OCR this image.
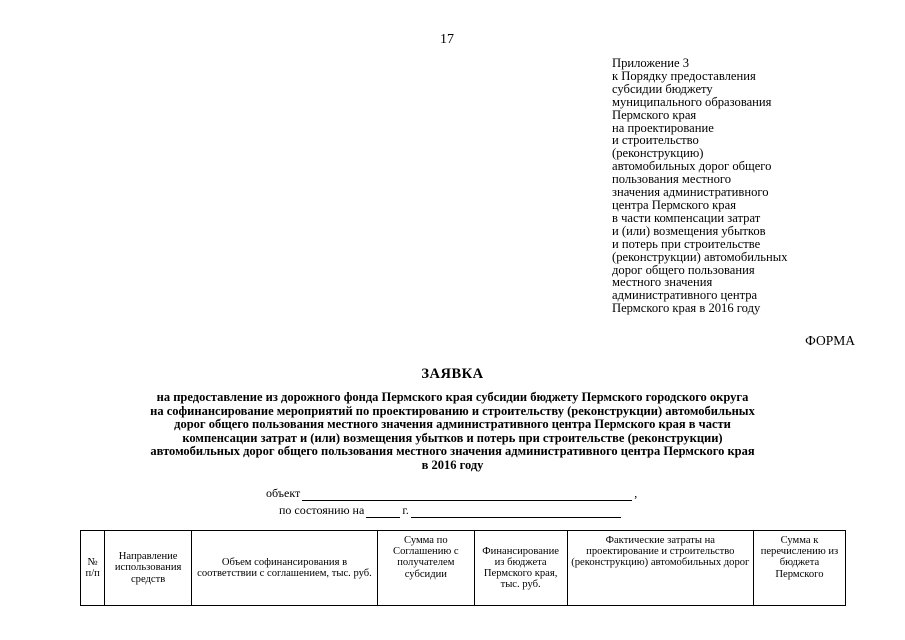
17
Приложение 3
к Порядку предоставления
субсидии бюджету
муниципального образования
Пермского края
на проектирование
и строительство
(реконструкцию)
автомобильных дорог общего
пользования местного
значения административного
центра Пермского края
в части компенсации затрат
и (или) возмещения убытков
и потерь при строительстве
(реконструкции) автомобильных
дорог общего пользования
местного значения
административного центра
Пермского края в 2016 году
ФОРМА
ЗАЯВКА
на предоставление из дорожного фонда Пермского края субсидии бюджету Пермского городского округа
на софинансирование мероприятий по проектированию и строительству (реконструкции) автомобильных
дорог общего пользования местного значения административного центра Пермского края в части
компенсации затрат и (или) возмещения убытков и потерь при строительстве (реконструкции)
автомобильных дорог общего пользования местного значения административного центра Пермского края
в 2016 году
объект	,
по состоянию на	г.
№ п/п	Направление использования средств	Объем софинансирования в соответствии с соглашением, тыс. руб.	Сумма по Соглашению с получателем субсидии	Финансирование из бюджета Пермского края, тыс. руб.	Фактические затраты на проектирование и строительство (реконструкцию) автомобильных дорог	Сумма к перечислению из бюджета Пермского
